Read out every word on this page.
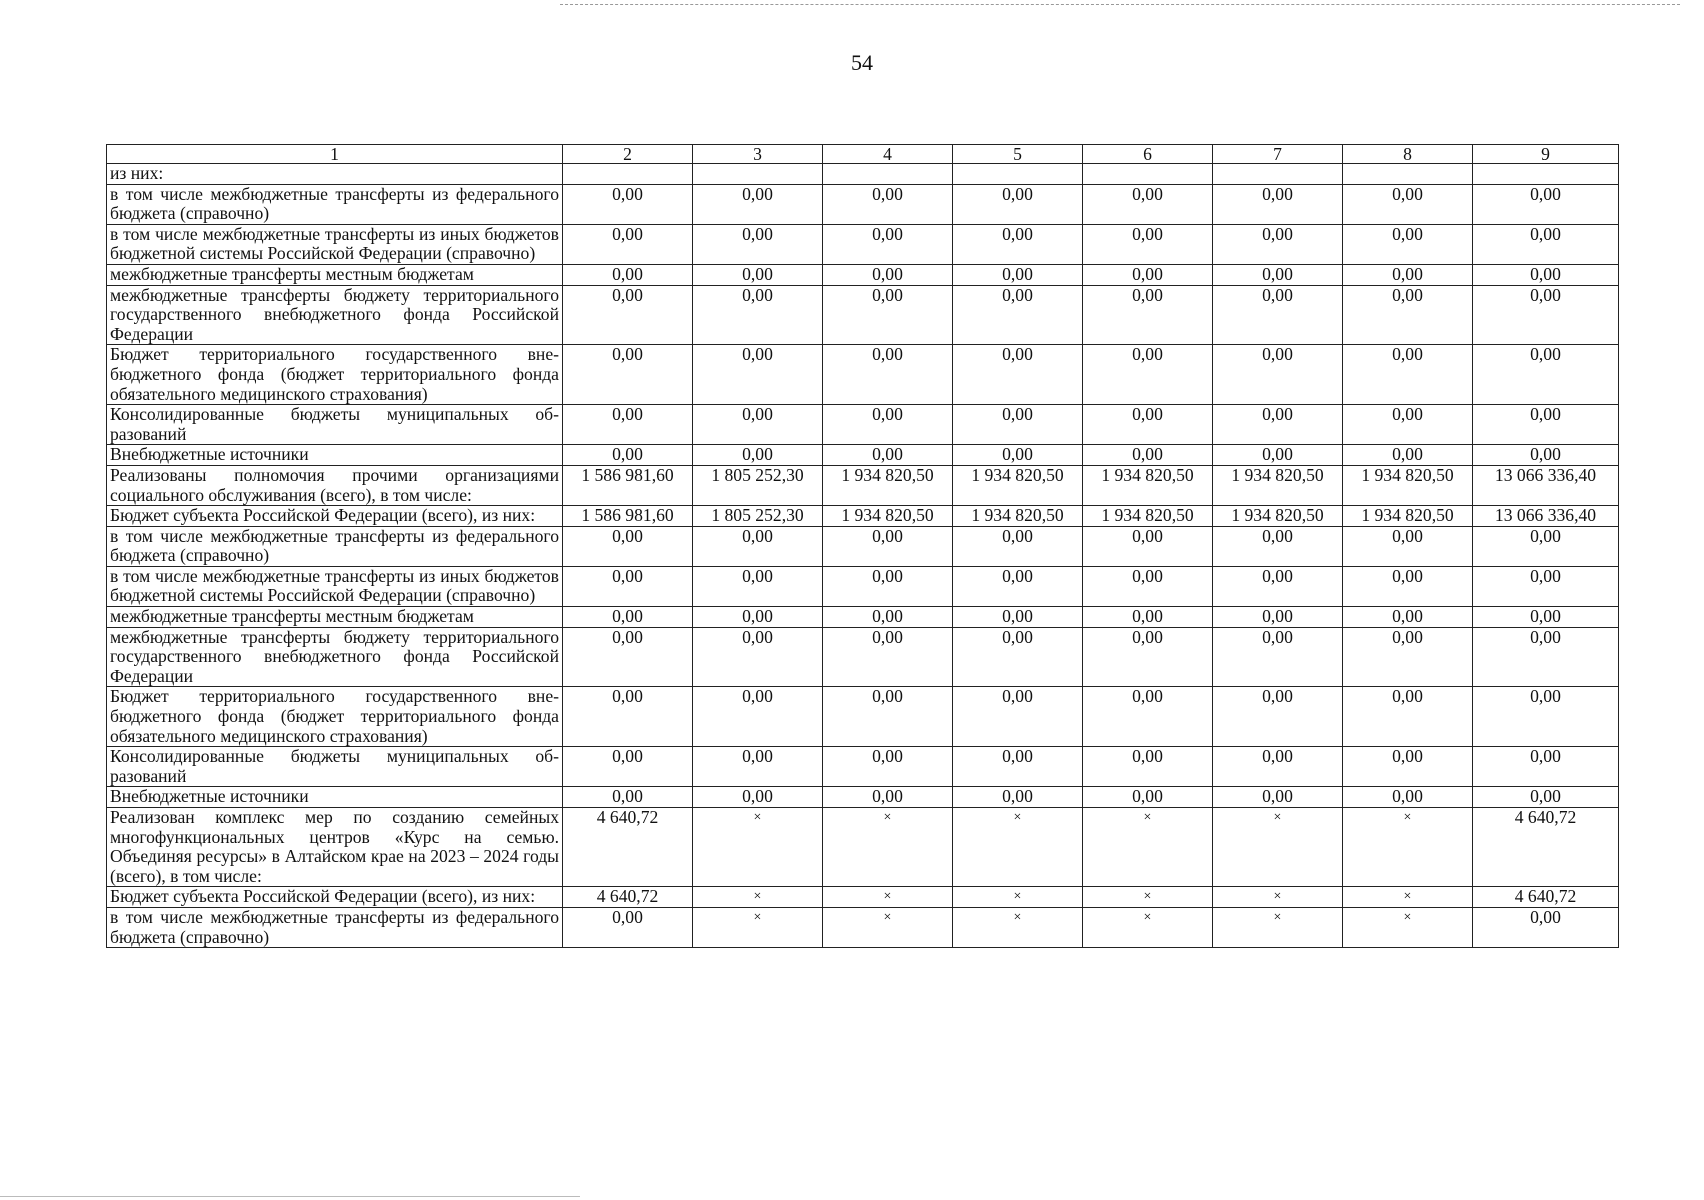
54
1	2	3	4	5	6	7	8	9
из них:								
в том числе межбюджетные трансферты из федерального бюджета (справочно)	0,00	0,00	0,00	0,00	0,00	0,00	0,00	0,00
в том числе межбюджетные трансферты из иных бюджетов бюджетной системы Российской Федерации (справочно)	0,00	0,00	0,00	0,00	0,00	0,00	0,00	0,00
межбюджетные трансферты местным бюджетам	0,00	0,00	0,00	0,00	0,00	0,00	0,00	0,00
межбюджетные трансферты бюджету территориального государственного внебюджетного фонда Российской Федерации	0,00	0,00	0,00	0,00	0,00	0,00	0,00	0,00
Бюджет территориального государственного внебюджетного фонда (бюджет территориального фонда обязательного медицинского страхования)	0,00	0,00	0,00	0,00	0,00	0,00	0,00	0,00
Консолидированные бюджеты муниципальных образований	0,00	0,00	0,00	0,00	0,00	0,00	0,00	0,00
Внебюджетные источники	0,00	0,00	0,00	0,00	0,00	0,00	0,00	0,00
Реализованы полномочия прочими организациями социального обслуживания (всего), в том числе:	1 586 981,60	1 805 252,30	1 934 820,50	1 934 820,50	1 934 820,50	1 934 820,50	1 934 820,50	13 066 336,40
Бюджет субъекта Российской Федерации (всего), из них:	1 586 981,60	1 805 252,30	1 934 820,50	1 934 820,50	1 934 820,50	1 934 820,50	1 934 820,50	13 066 336,40
в том числе межбюджетные трансферты из федерального бюджета (справочно)	0,00	0,00	0,00	0,00	0,00	0,00	0,00	0,00
в том числе межбюджетные трансферты из иных бюджетов бюджетной системы Российской Федерации (справочно)	0,00	0,00	0,00	0,00	0,00	0,00	0,00	0,00
межбюджетные трансферты местным бюджетам	0,00	0,00	0,00	0,00	0,00	0,00	0,00	0,00
межбюджетные трансферты бюджету территориального государственного внебюджетного фонда Российской Федерации	0,00	0,00	0,00	0,00	0,00	0,00	0,00	0,00
Бюджет территориального государственного внебюджетного фонда (бюджет территориального фонда обязательного медицинского страхования)	0,00	0,00	0,00	0,00	0,00	0,00	0,00	0,00
Консолидированные бюджеты муниципальных образований	0,00	0,00	0,00	0,00	0,00	0,00	0,00	0,00
Внебюджетные источники	0,00	0,00	0,00	0,00	0,00	0,00	0,00	0,00
Реализован комплекс мер по созданию семейных многофункциональных центров «Курс на семью. Объединяя ресурсы» в Алтайском крае на 2023 – 2024 годы (всего), в том числе:	4 640,72	×	×	×	×	×	×	4 640,72
Бюджет субъекта Российской Федерации (всего), из них:	4 640,72	×	×	×	×	×	×	4 640,72
в том числе межбюджетные трансферты из федерального бюджета (справочно)	0,00	×	×	×	×	×	×	0,00
